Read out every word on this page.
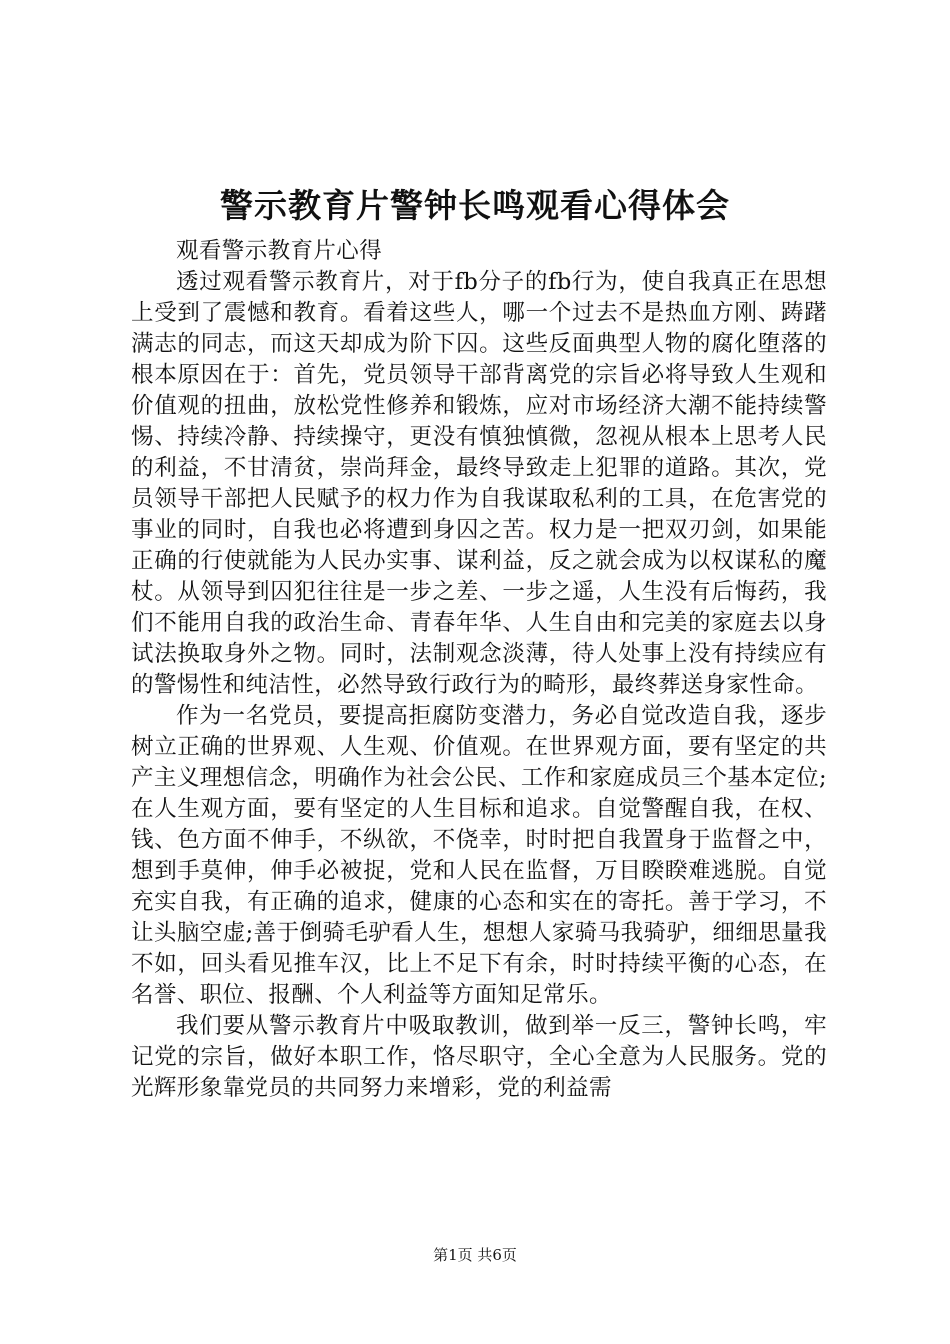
警示教育片警钟长鸣观看心得体会

观看警示教育片心得

透过观看警示教育片，对于fb分子的fb行为，使自我真正在思想上受到了震憾和教育。看着这些人，哪一个过去不是热血方刚、踌躇满志的同志，而这天却成为阶下囚。这些反面典型人物的腐化堕落的根本原因在于：首先，党员领导干部背离党的宗旨必将导致人生观和价值观的扭曲，放松党性修养和锻炼，应对市场经济大潮不能持续警惕、持续冷静、持续操守，更没有慎独慎微，忽视从根本上思考人民的利益，不甘清贫，崇尚拜金，最终导致走上犯罪的道路。其次，党员领导干部把人民赋予的权力作为自我谋取私利的工具，在危害党的事业的同时，自我也必将遭到身囚之苦。权力是一把双刃剑，如果能正确的行使就能为人民办实事、谋利益，反之就会成为以权谋私的魔杖。从领导到囚犯往往是一步之差、一步之遥，人生没有后悔药，我们不能用自我的政治生命、青春年华、人生自由和完美的家庭去以身试法换取身外之物。同时，法制观念淡薄，待人处事上没有持续应有的警惕性和纯洁性，必然导致行政行为的畸形，最终葬送身家性命。

作为一名党员，要提高拒腐防变潜力，务必自觉改造自我，逐步树立正确的世界观、人生观、价值观。在世界观方面，要有坚定的共产主义理想信念，明确作为社会公民、工作和家庭成员三个基本定位;在人生观方面，要有坚定的人生目标和追求。自觉警醒自我，在权、钱、色方面不伸手，不纵欲，不侥幸，时时把自我置身于监督之中，想到手莫伸，伸手必被捉，党和人民在监督，万目睽睽难逃脱。自觉充实自我，有正确的追求，健康的心态和实在的寄托。善于学习，不让头脑空虚;善于倒骑毛驴看人生，想想人家骑马我骑驴，细细思量我不如，回头看见推车汉，比上不足下有余，时时持续平衡的心态，在名誉、职位、报酬、个人利益等方面知足常乐。

我们要从警示教育片中吸取教训，做到举一反三，警钟长鸣，牢记党的宗旨，做好本职工作，恪尽职守，全心全意为人民服务。党的光辉形象靠党员的共同努力来增彩，党的利益需

第1页 共6页
